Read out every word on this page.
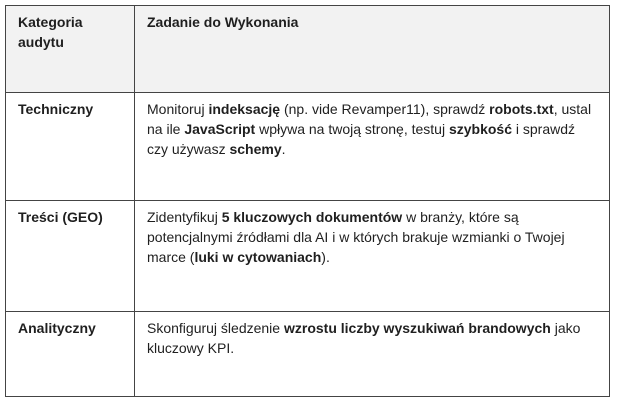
Kategoria audytu	Zadanie do Wykonania
Techniczny	Monitoruj indeksację (np. vide Revamper11), sprawdź robots.txt, ustal na ile JavaScript wpływa na twoją stronę, testuj szybkość i sprawdź czy używasz schemy.
Treści (GEO)	Zidentyfikuj 5 kluczowych dokumentów w branży, które są potencjalnymi źródłami dla AI i w których brakuje wzmianki o Twojej marce (luki w cytowaniach).
Analityczny	Skonfiguruj śledzenie wzrostu liczby wyszukiwań brandowych jako kluczowy KPI.
